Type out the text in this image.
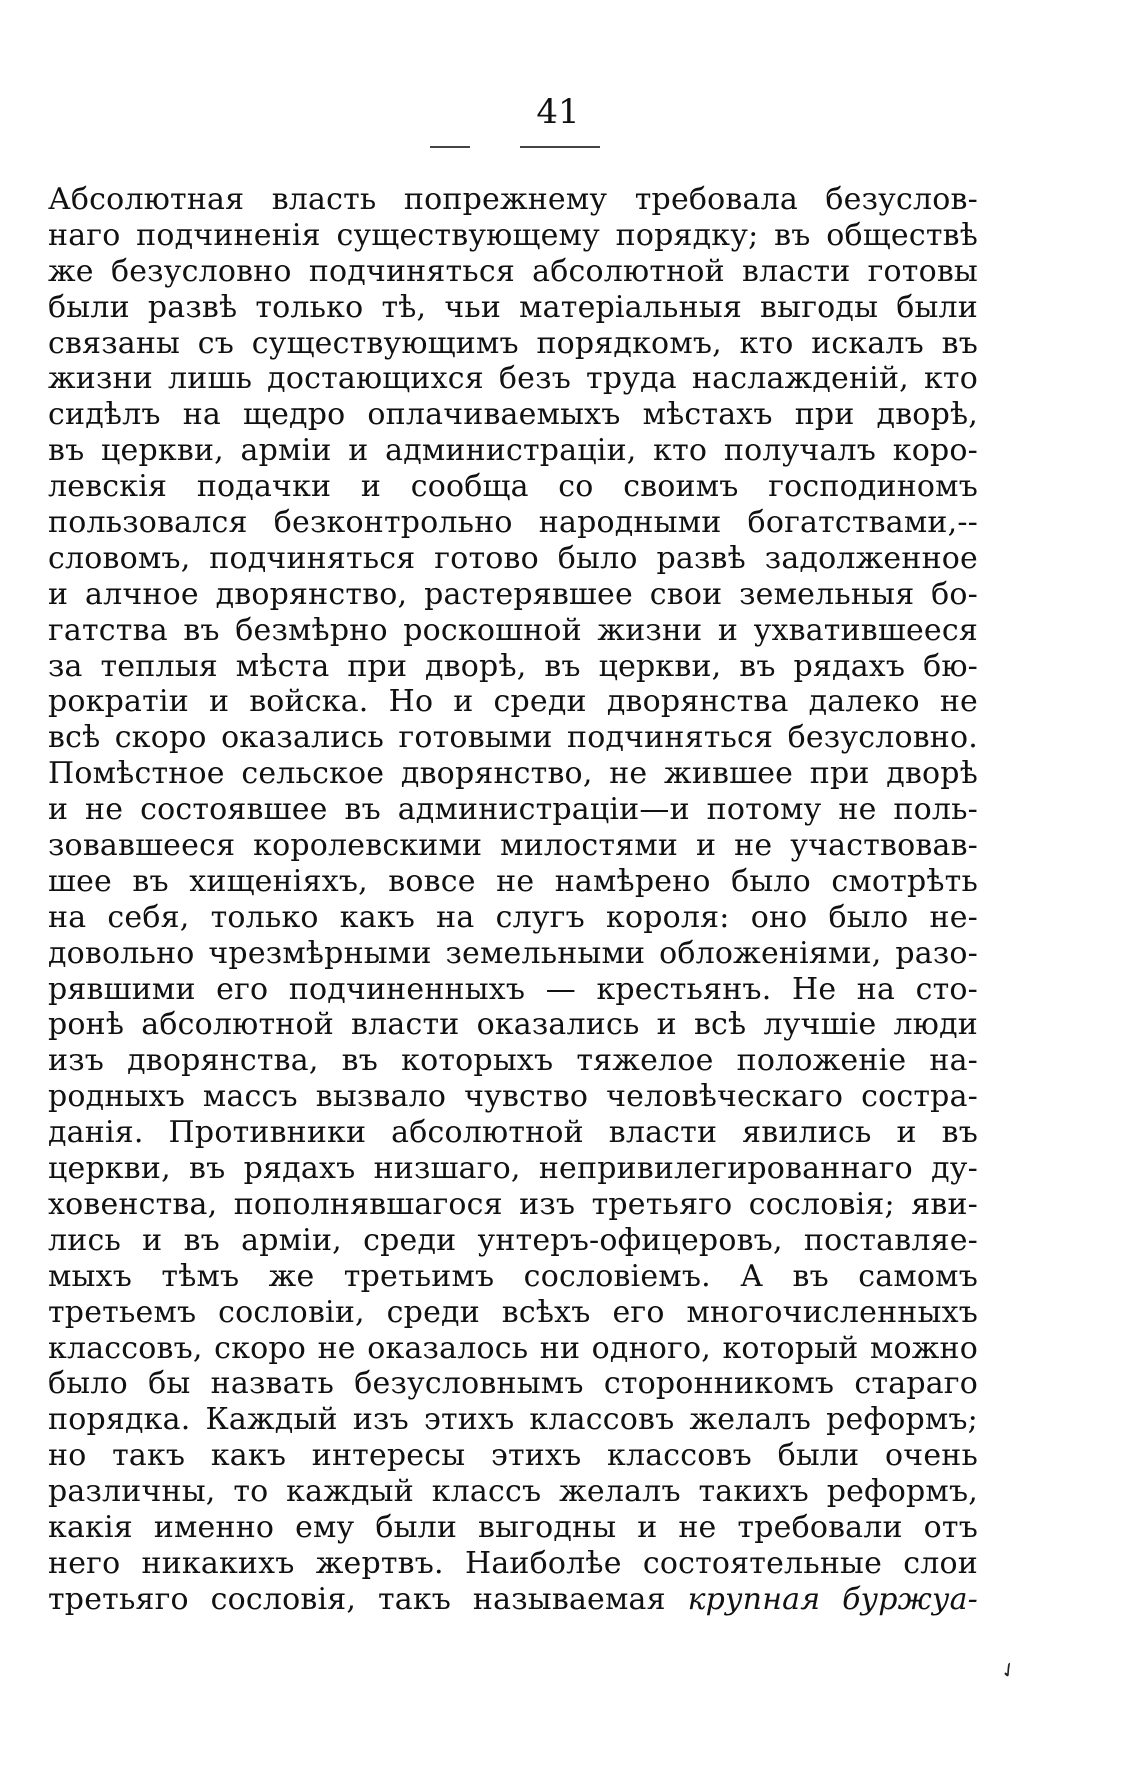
41
Абсолютная власть попрежнему требовала безуслов-
наго подчиненія существующему порядку; въ обществѣ
же безусловно подчиняться абсолютной власти готовы
были развѣ только тѣ, чьи матеріальныя выгоды были
связаны съ существующимъ порядкомъ, кто искалъ въ
жизни лишь достающихся безъ труда наслажденій, кто
сидѣлъ на щедро оплачиваемыхъ мѣстахъ при дворѣ,
въ церкви, арміи и администраціи, кто получалъ коро-
левскія подачки и сообща со своимъ господиномъ
пользовался безконтрольно народными богатствами,--
словомъ, подчиняться готово было развѣ задолженное
и алчное дворянство, растерявшее свои земельныя бо-
гатства въ безмѣрно роскошной жизни и ухватившееся
за теплыя мѣста при дворѣ, въ церкви, въ рядахъ бю-
рократіи и войска. Но и среди дворянства далеко не
всѣ скоро оказались готовыми подчиняться безусловно.
Помѣстное сельское дворянство, не жившее при дворѣ
и не состоявшее въ администраціи—и потому не поль-
зовавшееся королевскими милостями и не участвовав-
шее въ хищеніяхъ, вовсе не намѣрено было смотрѣть
на себя, только какъ на слугъ короля: оно было не-
довольно чрезмѣрными земельными обложеніями, разо-
рявшими его подчиненныхъ — крестьянъ. Не на сто-
ронѣ абсолютной власти оказались и всѣ лучшіе люди
изъ дворянства, въ которыхъ тяжелое положеніе на-
родныхъ массъ вызвало чувство человѣческаго состра-
данія. Противники абсолютной власти явились и въ
церкви, въ рядахъ низшаго, непривилегированнаго ду-
ховенства, пополнявшагося изъ третьяго сословія; яви-
лись и въ арміи, среди унтеръ-офицеровъ, поставляе-
мыхъ тѣмъ же третьимъ сословіемъ. А въ самомъ
третьемъ сословіи, среди всѣхъ его многочисленныхъ
классовъ, скоро не оказалось ни одного, который можно
было бы назвать безусловнымъ сторонникомъ стараго
порядка. Каждый изъ этихъ классовъ желалъ реформъ;
но такъ какъ интересы этихъ классовъ были очень
различны, то каждый классъ желалъ такихъ реформъ,
какія именно ему были выгодны и не требовали отъ
него никакихъ жертвъ. Наиболѣе состоятельные слои
третьяго сословія, такъ называемая крупная буржуа-
✓
